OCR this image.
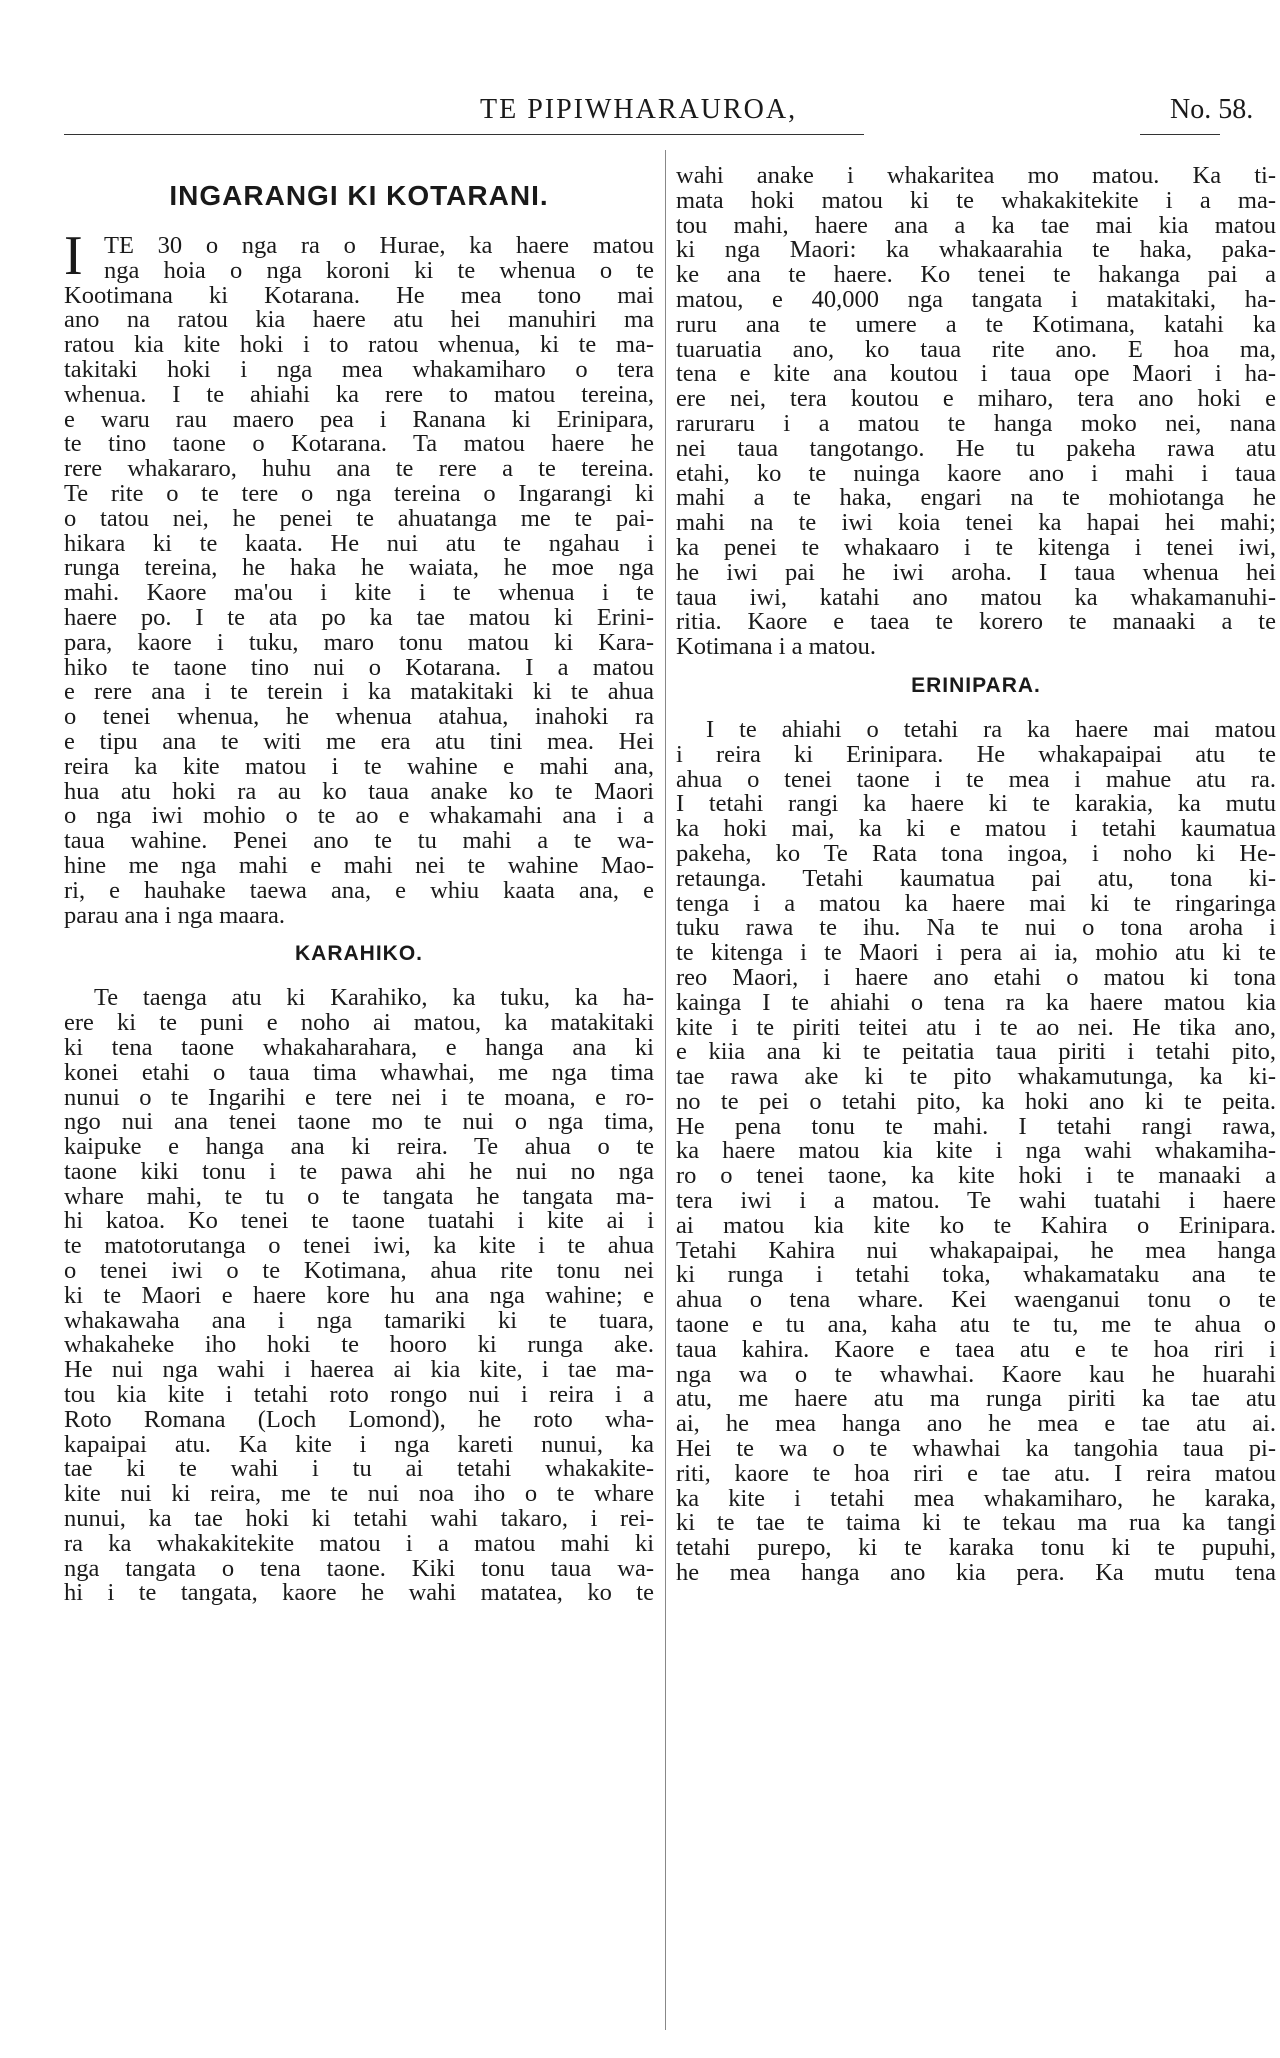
TE PIPIWHARAUROA,	No. 58.
INGARANGI KI KOTARANI.
I TE 30 o nga ra o Hurae, ka haere matou
nga hoia o nga koroni ki te whenua o te
Kootimana ki Kotarana. He mea tono mai
ano na ratou kia haere atu hei manuhiri ma
ratou kia kite hoki i to ratou whenua, ki te ma-
takitaki hoki i nga mea whakamiharo o tera
whenua. I te ahiahi ka rere to matou tereina,
e waru rau maero pea i Ranana ki Erinipara,
te tino taone o Kotarana. Ta matou haere he
rere whakararo, huhu ana te rere a te tereina.
Te rite o te tere o nga tereina o Ingarangi ki
o tatou nei, he penei te ahuatanga me te pai-
hikara ki te kaata. He nui atu te ngahau i
runga tereina, he haka he waiata, he moe nga
mahi. Kaore ma'ou i kite i te whenua i te
haere po. I te ata po ka tae matou ki Erini-
para, kaore i tuku, maro tonu matou ki Kara-
hiko te taone tino nui o Kotarana. I a matou
e rere ana i te terein i ka matakitaki ki te ahua
o tenei whenua, he whenua atahua, inahoki ra
e tipu ana te witi me era atu tini mea. Hei
reira ka kite matou i te wahine e mahi ana,
hua atu hoki ra au ko taua anake ko te Maori
o nga iwi mohio o te ao e whakamahi ana i a
taua wahine. Penei ano te tu mahi a te wa-
hine me nga mahi e mahi nei te wahine Mao-
ri, e hauhake taewa ana, e whiu kaata ana, e
parau ana i nga maara.
KARAHIKO.
Te taenga atu ki Karahiko, ka tuku, ka ha-
ere ki te puni e noho ai matou, ka matakitaki
ki tena taone whakaharahara, e hanga ana ki
konei etahi o taua tima whawhai, me nga tima
nunui o te Ingarihi e tere nei i te moana, e ro-
ngo nui ana tenei taone mo te nui o nga tima,
kaipuke e hanga ana ki reira. Te ahua o te
taone kiki tonu i te pawa ahi he nui no nga
whare mahi, te tu o te tangata he tangata ma-
hi katoa. Ko tenei te taone tuatahi i kite ai i
te matotorutanga o tenei iwi, ka kite i te ahua
o tenei iwi o te Kotimana, ahua rite tonu nei
ki te Maori e haere kore hu ana nga wahine; e
whakawaha ana i nga tamariki ki te tuara,
whakaheke iho hoki te hooro ki runga ake.
He nui nga wahi i haerea ai kia kite, i tae ma-
tou kia kite i tetahi roto rongo nui i reira i a
Roto Romana (Loch Lomond), he roto wha-
kapaipai atu. Ka kite i nga kareti nunui, ka
tae ki te wahi i tu ai tetahi whakakite-
kite nui ki reira, me te nui noa iho o te whare
nunui, ka tae hoki ki tetahi wahi takaro, i rei-
ra ka whakakitekite matou i a matou mahi ki
nga tangata o tena taone. Kiki tonu taua wa-
hi i te tangata, kaore he wahi matatea, ko te
wahi anake i whakaritea mo matou. Ka ti-
mata hoki matou ki te whakakitekite i a ma-
tou mahi, haere ana a ka tae mai kia matou
ki nga Maori: ka whakaarahia te haka, paka-
ke ana te haere. Ko tenei te hakanga pai a
matou, e 40,000 nga tangata i matakitaki, ha-
ruru ana te umere a te Kotimana, katahi ka
tuaruatia ano, ko taua rite ano. E hoa ma,
tena e kite ana koutou i taua ope Maori i ha-
ere nei, tera koutou e miharo, tera ano hoki e
raruraru i a matou te hanga moko nei, nana
nei taua tangotango. He tu pakeha rawa atu
etahi, ko te nuinga kaore ano i mahi i taua
mahi a te haka, engari na te mohiotanga he
mahi na te iwi koia tenei ka hapai hei mahi;
ka penei te whakaaro i te kitenga i tenei iwi,
he iwi pai he iwi aroha. I taua whenua hei
taua iwi, katahi ano matou ka whakamanuhi-
ritia. Kaore e taea te korero te manaaki a te
Kotimana i a matou.
ERINIPARA.
I te ahiahi o tetahi ra ka haere mai matou
i reira ki Erinipara. He whakapaipai atu te
ahua o tenei taone i te mea i mahue atu ra.
I tetahi rangi ka haere ki te karakia, ka mutu
ka hoki mai, ka ki e matou i tetahi kaumatua
pakeha, ko Te Rata tona ingoa, i noho ki He-
retaunga. Tetahi kaumatua pai atu, tona ki-
tenga i a matou ka haere mai ki te ringaringa
tuku rawa te ihu. Na te nui o tona aroha i
te kitenga i te Maori i pera ai ia, mohio atu ki te
reo Maori, i haere ano etahi o matou ki tona
kainga I te ahiahi o tena ra ka haere matou kia
kite i te piriti teitei atu i te ao nei. He tika ano,
e kiia ana ki te peitatia taua piriti i tetahi pito,
tae rawa ake ki te pito whakamutunga, ka ki-
no te pei o tetahi pito, ka hoki ano ki te peita.
He pena tonu te mahi. I tetahi rangi rawa,
ka haere matou kia kite i nga wahi whakamiha-
ro o tenei taone, ka kite hoki i te manaaki a
tera iwi i a matou. Te wahi tuatahi i haere
ai matou kia kite ko te Kahira o Erinipara.
Tetahi Kahira nui whakapaipai, he mea hanga
ki runga i tetahi toka, whakamataku ana te
ahua o tena whare. Kei waenganui tonu o te
taone e tu ana, kaha atu te tu, me te ahua o
taua kahira. Kaore e taea atu e te hoa riri i
nga wa o te whawhai. Kaore kau he huarahi
atu, me haere atu ma runga piriti ka tae atu
ai, he mea hanga ano he mea e tae atu ai.
Hei te wa o te whawhai ka tangohia taua pi-
riti, kaore te hoa riri e tae atu. I reira matou
ka kite i tetahi mea whakamiharo, he karaka,
ki te tae te taima ki te tekau ma rua ka tangi
tetahi purepo, ki te karaka tonu ki te pupuhi,
he mea hanga ano kia pera. Ka mutu tena
